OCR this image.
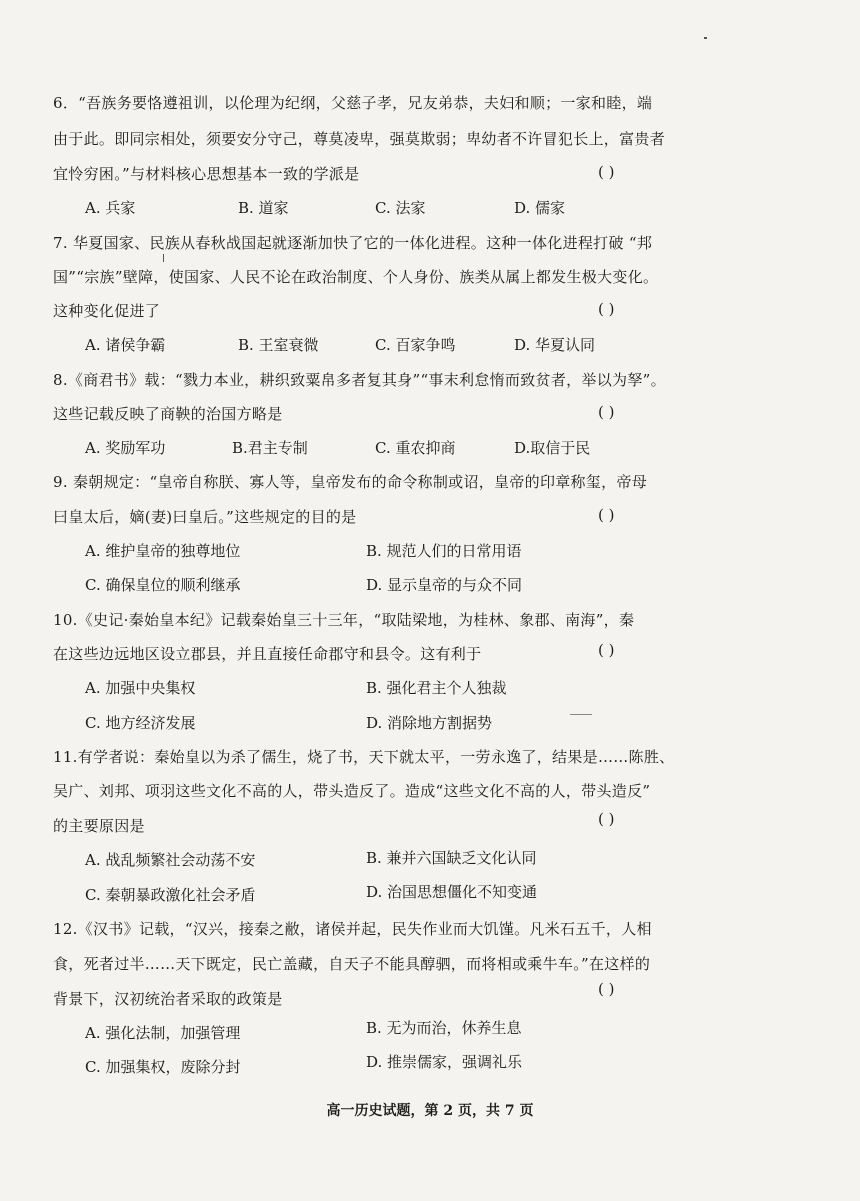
6．“吾族务要恪遵祖训，以伦理为纪纲，父慈子孝，兄友弟恭，夫妇和顺；一家和睦，端
由于此。即同宗相处，须要安分守己，尊莫凌卑，强莫欺弱；卑幼者不许冒犯长上，富贵者
宜怜穷困。”与材料核心思想基本一致的学派是	( )
A. 兵家	B. 道家	C. 法家	D. 儒家
7. 华夏国家、民族从春秋战国起就逐渐加快了它的一体化进程。这种一体化进程打破 “邦
国”“宗族”壁障，使国家、人民不论在政治制度、个人身份、族类从属上都发生极大变化。
这种变化促进了	( )
A. 诸侯争霸	B. 王室衰微	C. 百家争鸣	D. 华夏认同
8.《商君书》载：“戮力本业，耕织致粟帛多者复其身”“事末利怠惰而致贫者，举以为孥”。
这些记载反映了商鞅的治国方略是	( )
A. 奖励军功	B.君主专制	C. 重农抑商	D.取信于民
9. 秦朝规定：“皇帝自称朕、寡人等，皇帝发布的命令称制或诏，皇帝的印章称玺，帝母
曰皇太后，嫡(妻)曰皇后。”这些规定的目的是	( )
A. 维护皇帝的独尊地位	B. 规范人们的日常用语
C. 确保皇位的顺利继承	D. 显示皇帝的与众不同
10.《史记·秦始皇本纪》记载秦始皇三十三年，“取陆梁地，为桂林、象郡、南海”，秦
在这些边远地区设立郡县，并且直接任命郡守和县令。这有利于	( )
A. 加强中央集权	B. 强化君主个人独裁
C. 地方经济发展	D. 消除地方割据势
11.有学者说：秦始皇以为杀了儒生，烧了书，天下就太平，一劳永逸了，结果是……陈胜、
吴广、刘邦、项羽这些文化不高的人，带头造反了。造成“这些文化不高的人，带头造反”
的主要原因是	( )
A. 战乱频繁社会动荡不安	B. 兼并六国缺乏文化认同
C. 秦朝暴政激化社会矛盾	D. 治国思想僵化不知变通
12.《汉书》记载，“汉兴，接秦之敝，诸侯并起，民失作业而大饥馑。凡米石五千，人相
食，死者过半……天下既定，民亡盖藏，自天子不能具醇驷，而将相或乘牛车。”在这样的
背景下，汉初统治者采取的政策是
( )
A. 强化法制，加强管理	B. 无为而治，休养生息
C. 加强集权，废除分封	D. 推崇儒家，强调礼乐
高一历史试题，第 2 页，共 7 页
